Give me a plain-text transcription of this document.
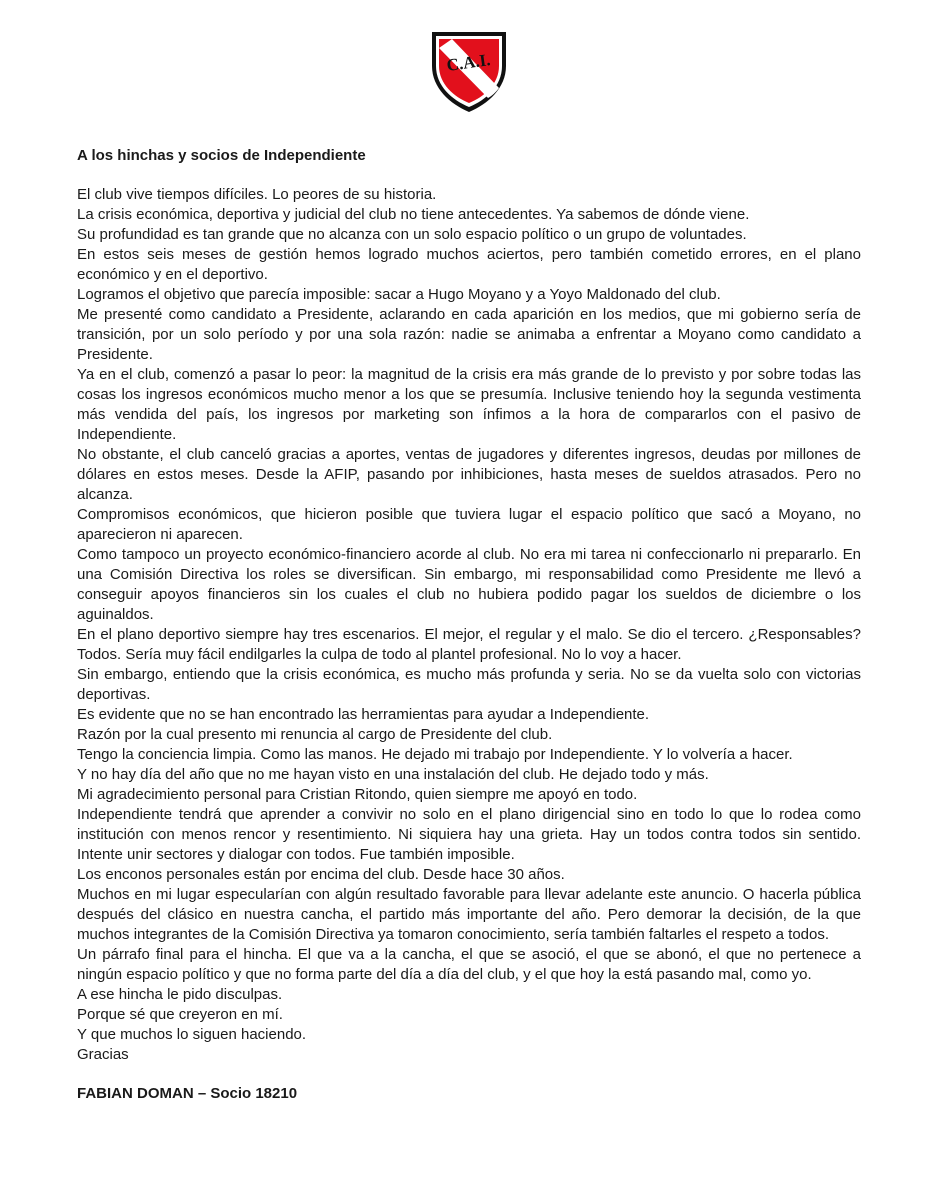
C.A.I.

A los hinchas y socios de Independiente

El club vive tiempos difíciles. Lo peores de su historia.

La crisis económica, deportiva y judicial del club no tiene antecedentes. Ya sabemos de dónde viene.

Su profundidad es tan grande que no alcanza con un solo espacio político o un grupo de voluntades.

En estos seis meses de gestión hemos logrado muchos aciertos, pero también cometido errores, en el plano económico y en el deportivo.

Logramos el objetivo que parecía imposible: sacar a Hugo Moyano y a Yoyo Maldonado del club.

Me presenté como candidato a Presidente, aclarando en cada aparición en los medios, que mi gobierno sería de transición, por un solo período y por una sola razón: nadie se animaba a enfrentar a Moyano como candidato a Presidente.

Ya en el club, comenzó a pasar lo peor: la magnitud de la crisis era más grande de lo previsto y por sobre todas las cosas los ingresos económicos mucho menor a los que se presumía. Inclusive teniendo hoy la segunda vestimenta más vendida del país, los ingresos por marketing son ínfimos a la hora de compararlos con el pasivo de Independiente.

No obstante, el club canceló gracias a aportes, ventas de jugadores y diferentes ingresos, deudas por millones de dólares en estos meses. Desde la AFIP, pasando por inhibiciones, hasta meses de sueldos atrasados. Pero no alcanza.

Compromisos económicos, que hicieron posible que tuviera lugar el espacio político que sacó a Moyano, no aparecieron ni aparecen.

Como tampoco un proyecto económico-financiero acorde al club. No era mi tarea ni confeccionarlo ni prepararlo. En una Comisión Directiva los roles se diversifican. Sin embargo, mi responsabilidad como Presidente me llevó a conseguir apoyos financieros sin los cuales el club no hubiera podido pagar los sueldos de diciembre o los aguinaldos.

En el plano deportivo siempre hay tres escenarios. El mejor, el regular y el malo. Se dio el tercero. ¿Responsables? Todos. Sería muy fácil endilgarles la culpa de todo al plantel profesional. No lo voy a hacer.

Sin embargo, entiendo que la crisis económica, es mucho más profunda y seria. No se da vuelta solo con victorias deportivas.

Es evidente que no se han encontrado las herramientas para ayudar a Independiente.

Razón por la cual presento mi renuncia al cargo de Presidente del club.

Tengo la conciencia limpia. Como las manos. He dejado mi trabajo por Independiente. Y lo volvería a hacer.

Y no hay día del año que no me hayan visto en una instalación del club. He dejado todo y más.

Mi agradecimiento personal para Cristian Ritondo, quien siempre me apoyó en todo.

Independiente tendrá que aprender a convivir no solo en el plano dirigencial sino en todo lo que lo rodea como institución con menos rencor y resentimiento. Ni siquiera hay una grieta. Hay un todos contra todos sin sentido. Intente unir sectores y dialogar con todos. Fue también imposible.

Los enconos personales están por encima del club. Desde hace 30 años.

Muchos en mi lugar especularían con algún resultado favorable para llevar adelante este anuncio. O hacerla pública después del clásico en nuestra cancha, el partido más importante del año. Pero demorar la decisión, de la que muchos integrantes de la Comisión Directiva ya tomaron conocimiento, sería también faltarles el respeto a todos.

Un párrafo final para el hincha. El que va a la cancha, el que se asoció, el que se abonó, el que no pertenece a ningún espacio político y que no forma parte del día a día del club, y el que hoy la está pasando mal, como yo.

A ese hincha le pido disculpas.

Porque sé que creyeron en mí.

Y que muchos lo siguen haciendo.

Gracias

FABIAN DOMAN – Socio 18210
